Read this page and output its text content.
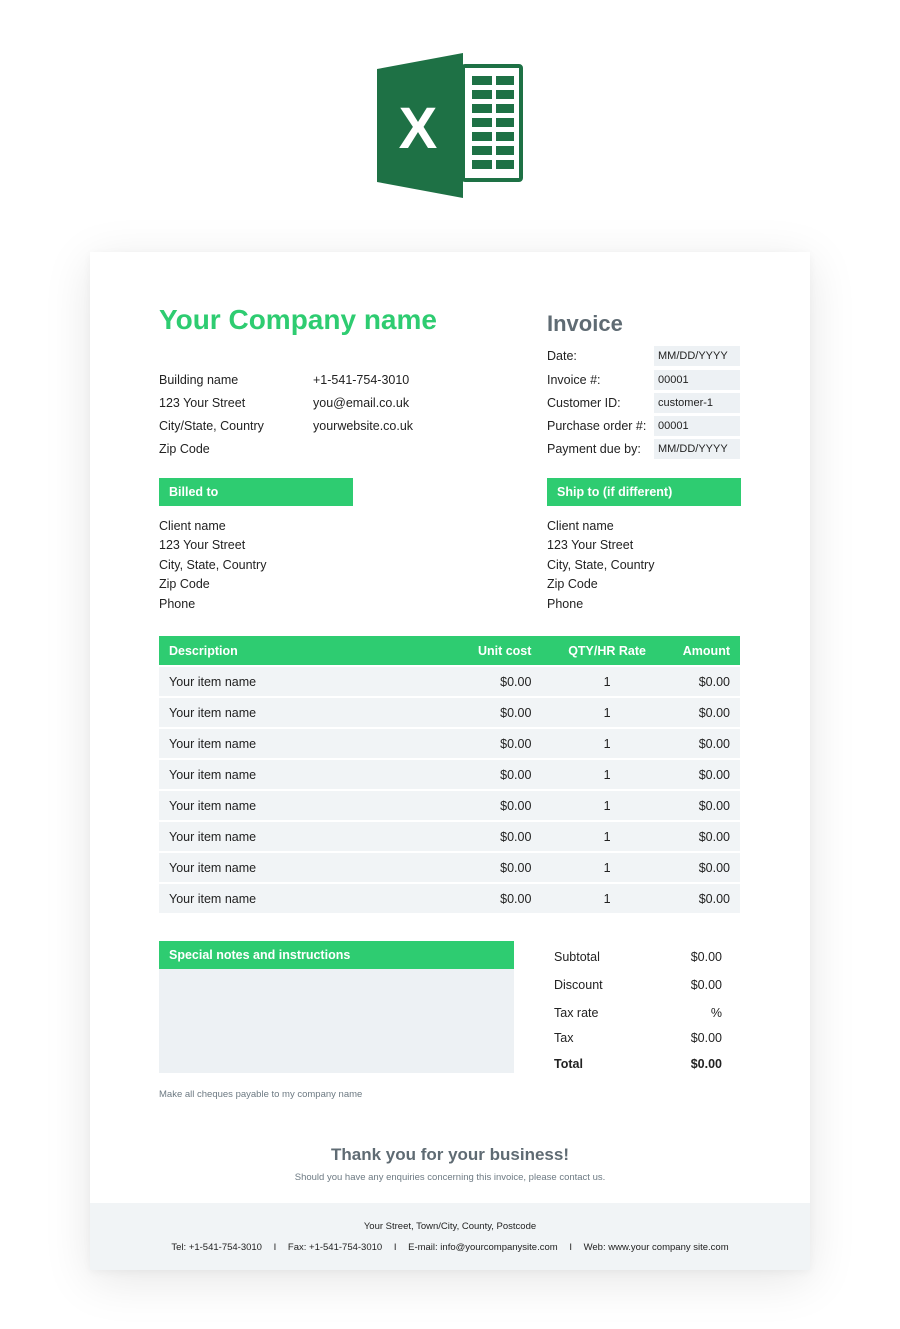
X
Your Company name	Invoice
Building name
123 Your Street
City/State, Country
Zip Code
+1-541-754-3010
you@email.co.uk
yourwebsite.co.uk
Date:	MM/DD/YYYY
Invoice #:	00001
Customer ID:	customer-1
Purchase order #:	00001
Payment due by:	MM/DD/YYYY
Billed to	Ship to (if different)
Client name
123 Your Street
City, State, Country
Zip Code
Phone
Client name
123 Your Street
City, State, Country
Zip Code
Phone
Description	Unit cost	QTY/HR Rate	Amount
Your item name	$0.00	1	$0.00
Your item name	$0.00	1	$0.00
Your item name	$0.00	1	$0.00
Your item name	$0.00	1	$0.00
Your item name	$0.00	1	$0.00
Your item name	$0.00	1	$0.00
Your item name	$0.00	1	$0.00
Your item name	$0.00	1	$0.00
Special notes and instructions	Subtotal	$0.00
Discount	$0.00
Tax rate	%
Tax	$0.00
Total	$0.00
Make all cheques payable to my company name
Thank you for your business!
Should you have any enquiries concerning this invoice, please contact us.
Your Street, Town/City, County, Postcode
Tel: +1-541-754-3010 I Fax: +1-541-754-3010 I E-mail: info@yourcompanysite.com I Web: www.your company site.com
